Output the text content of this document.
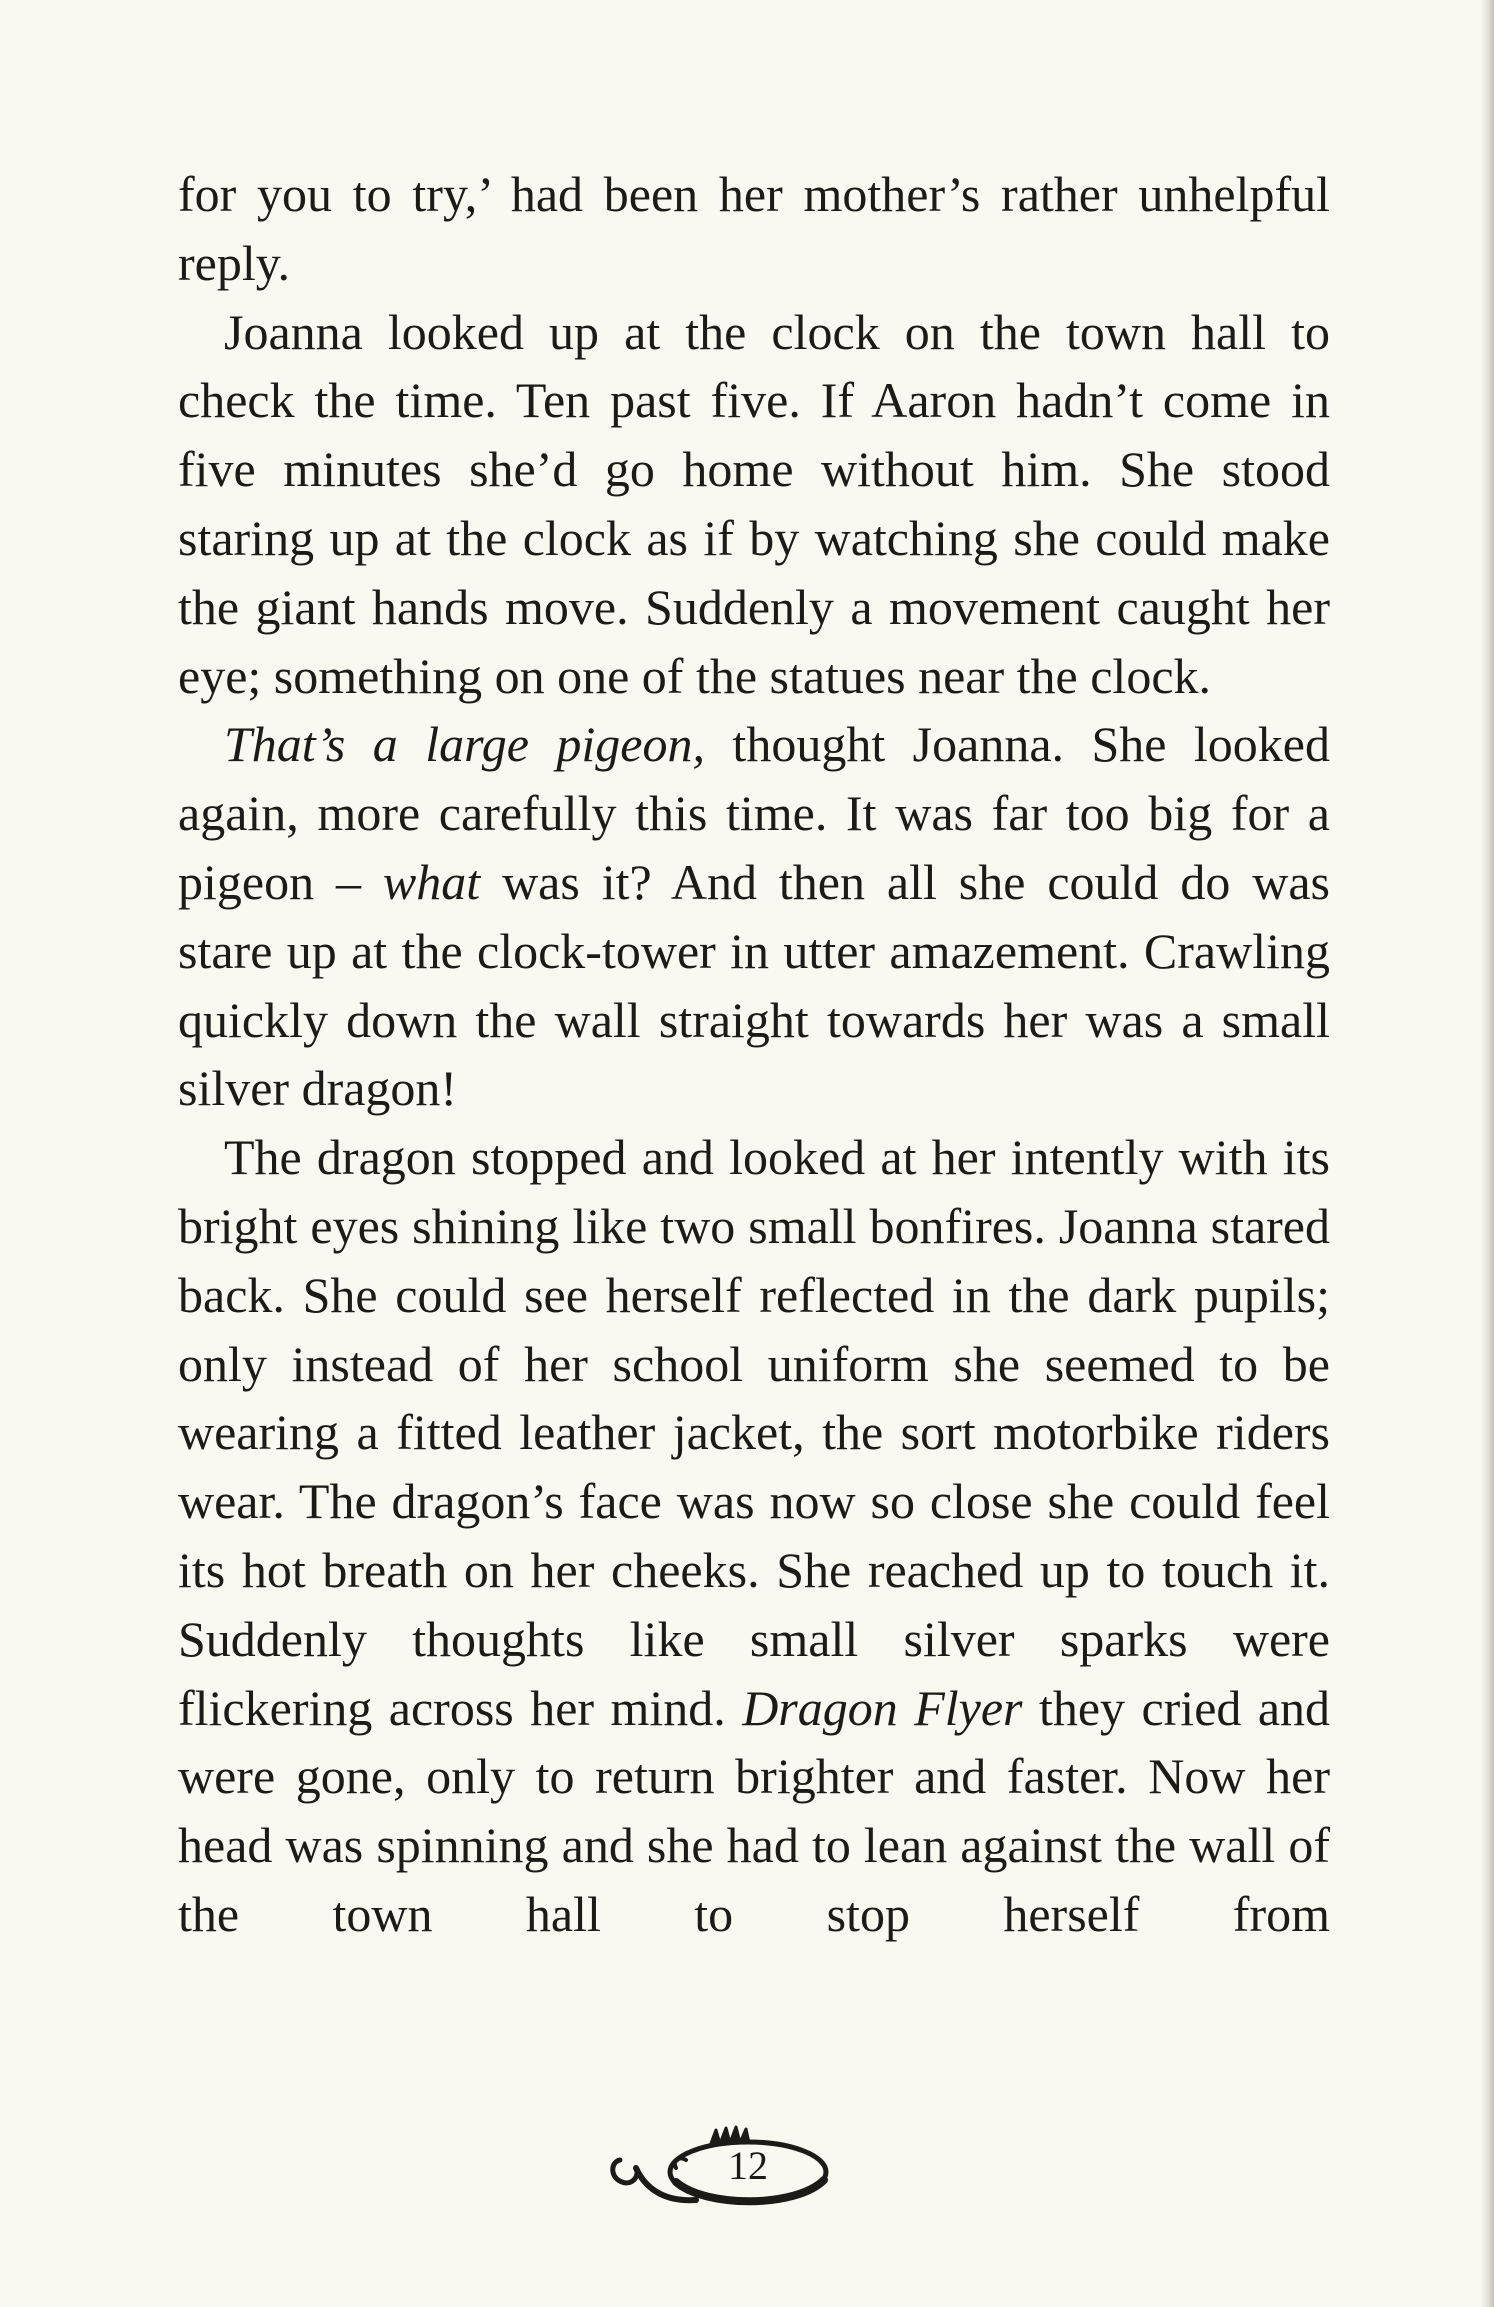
for you to try,’ had been her mother’s rather unhelpful reply.

Joanna looked up at the clock on the town hall to check the time. Ten past five. If Aaron hadn’t come in five minutes she’d go home without him. She stood staring up at the clock as if by watching she could make the giant hands move. Suddenly a movement caught her eye; something on one of the statues near the clock.

That’s a large pigeon, thought Joanna. She looked again, more carefully this time. It was far too big for a pigeon – what was it? And then all she could do was stare up at the clock-tower in utter amazement. Crawling quickly down the wall straight towards her was a small silver dragon!

The dragon stopped and looked at her intently with its bright eyes shining like two small bonfires. Joanna stared back. She could see herself reflected in the dark pupils; only instead of her school uniform she seemed to be wearing a fitted leather jacket, the sort motorbike riders wear. The dragon’s face was now so close she could feel its hot breath on her cheeks. She reached up to touch it. Suddenly thoughts like small silver sparks were flickering across her mind. Dragon Flyer they cried and were gone, only to return brighter and faster. Now her head was spinning and she had to lean against the wall of the town hall to stop herself from

12
